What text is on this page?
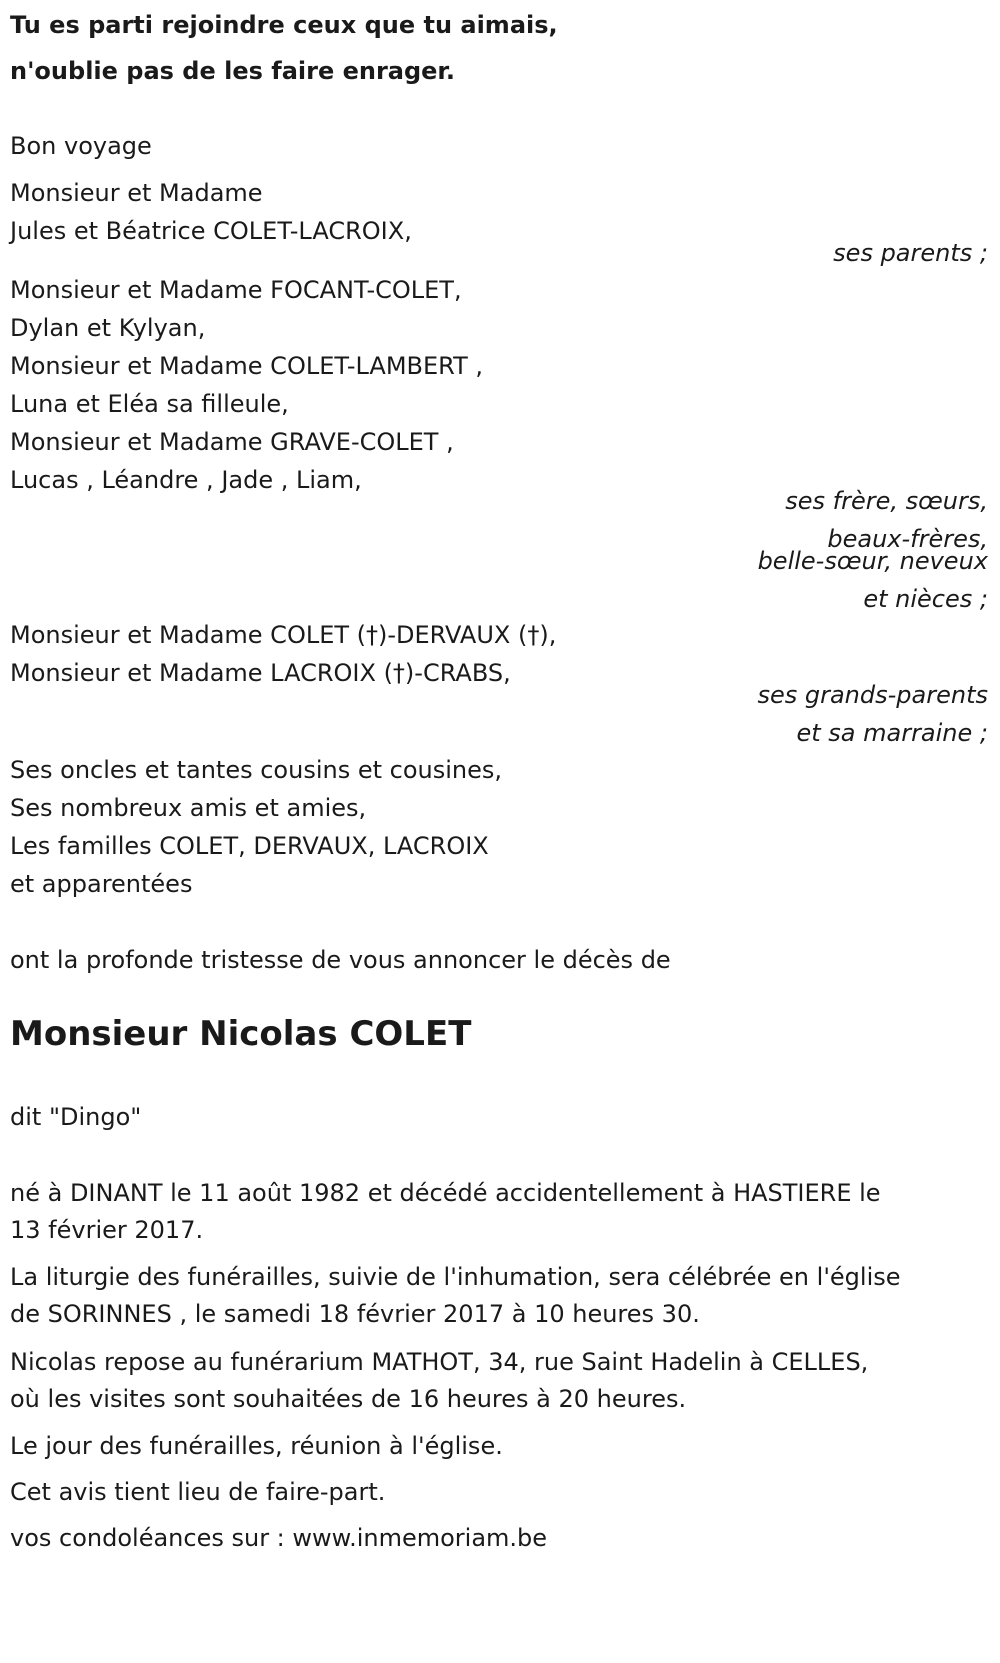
Tu es parti rejoindre ceux que tu aimais,
n'oublie pas de les faire enrager.
Bon voyage
Monsieur et Madame
Jules et Béatrice COLET-LACROIX,
ses parents ;
Monsieur et Madame FOCANT-COLET,
Dylan et Kylyan,
Monsieur et Madame COLET-LAMBERT ,
Luna et Eléa sa filleule,
Monsieur et Madame GRAVE-COLET ,
Lucas , Léandre , Jade , Liam,
ses frère, sœurs,
beaux-frères,
belle-sœur, neveux
et nièces ;
Monsieur et Madame COLET (†)-DERVAUX (†),
Monsieur et Madame LACROIX (†)-CRABS,
ses grands-parents
et sa marraine ;
Ses oncles et tantes cousins et cousines,
Ses nombreux amis et amies,
Les familles COLET, DERVAUX, LACROIX
et apparentées
ont la profonde tristesse de vous annoncer le décès de
Monsieur Nicolas COLET
dit "Dingo"
né à DINANT le 11 août 1982 et décédé accidentellement à HASTIERE le
13 février 2017.
La liturgie des funérailles, suivie de l'inhumation, sera célébrée en l'église
de SORINNES , le samedi 18 février 2017 à 10 heures 30.
Nicolas repose au funérarium MATHOT, 34, rue Saint Hadelin à CELLES,
où les visites sont souhaitées de 16 heures à 20 heures.
Le jour des funérailles, réunion à l'église.
Cet avis tient lieu de faire-part.
vos condoléances sur : www.inmemoriam.be
